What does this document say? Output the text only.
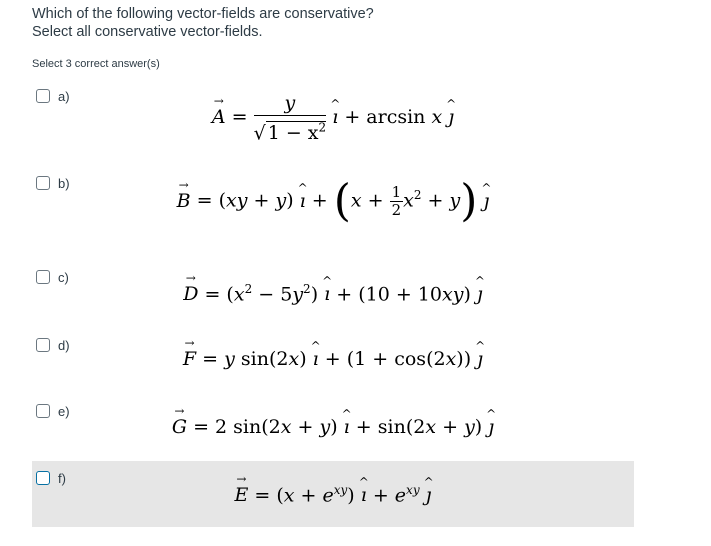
Which of the following vector-fields are conservative?
Select all conservative vector-fields.
Select 3 correct answer(s)
a)
→ $A = \frac{y}{√ 1 - x^2}$ ^ ı + arcsin x ^ ȷ
b)
→ B = (xy + y) ^ ı + $(x + \frac{1}{2} x^2 + y)$ ^ ȷ
c)
→ $D = (x^2 - 5y^2)$ ^ ı + (10 + 10xy) ^ ȷ
d)
→ F = y sin(2x) ^ ı + (1 + cos(2x)) ^ ȷ
e)
→ G = 2 sin(2x + y) ^ ı + sin(2x + y) ^ ȷ
f)
→ $E = (x + e^{xy})$ ^ ı + $e^{xy}$ ^ ȷ
